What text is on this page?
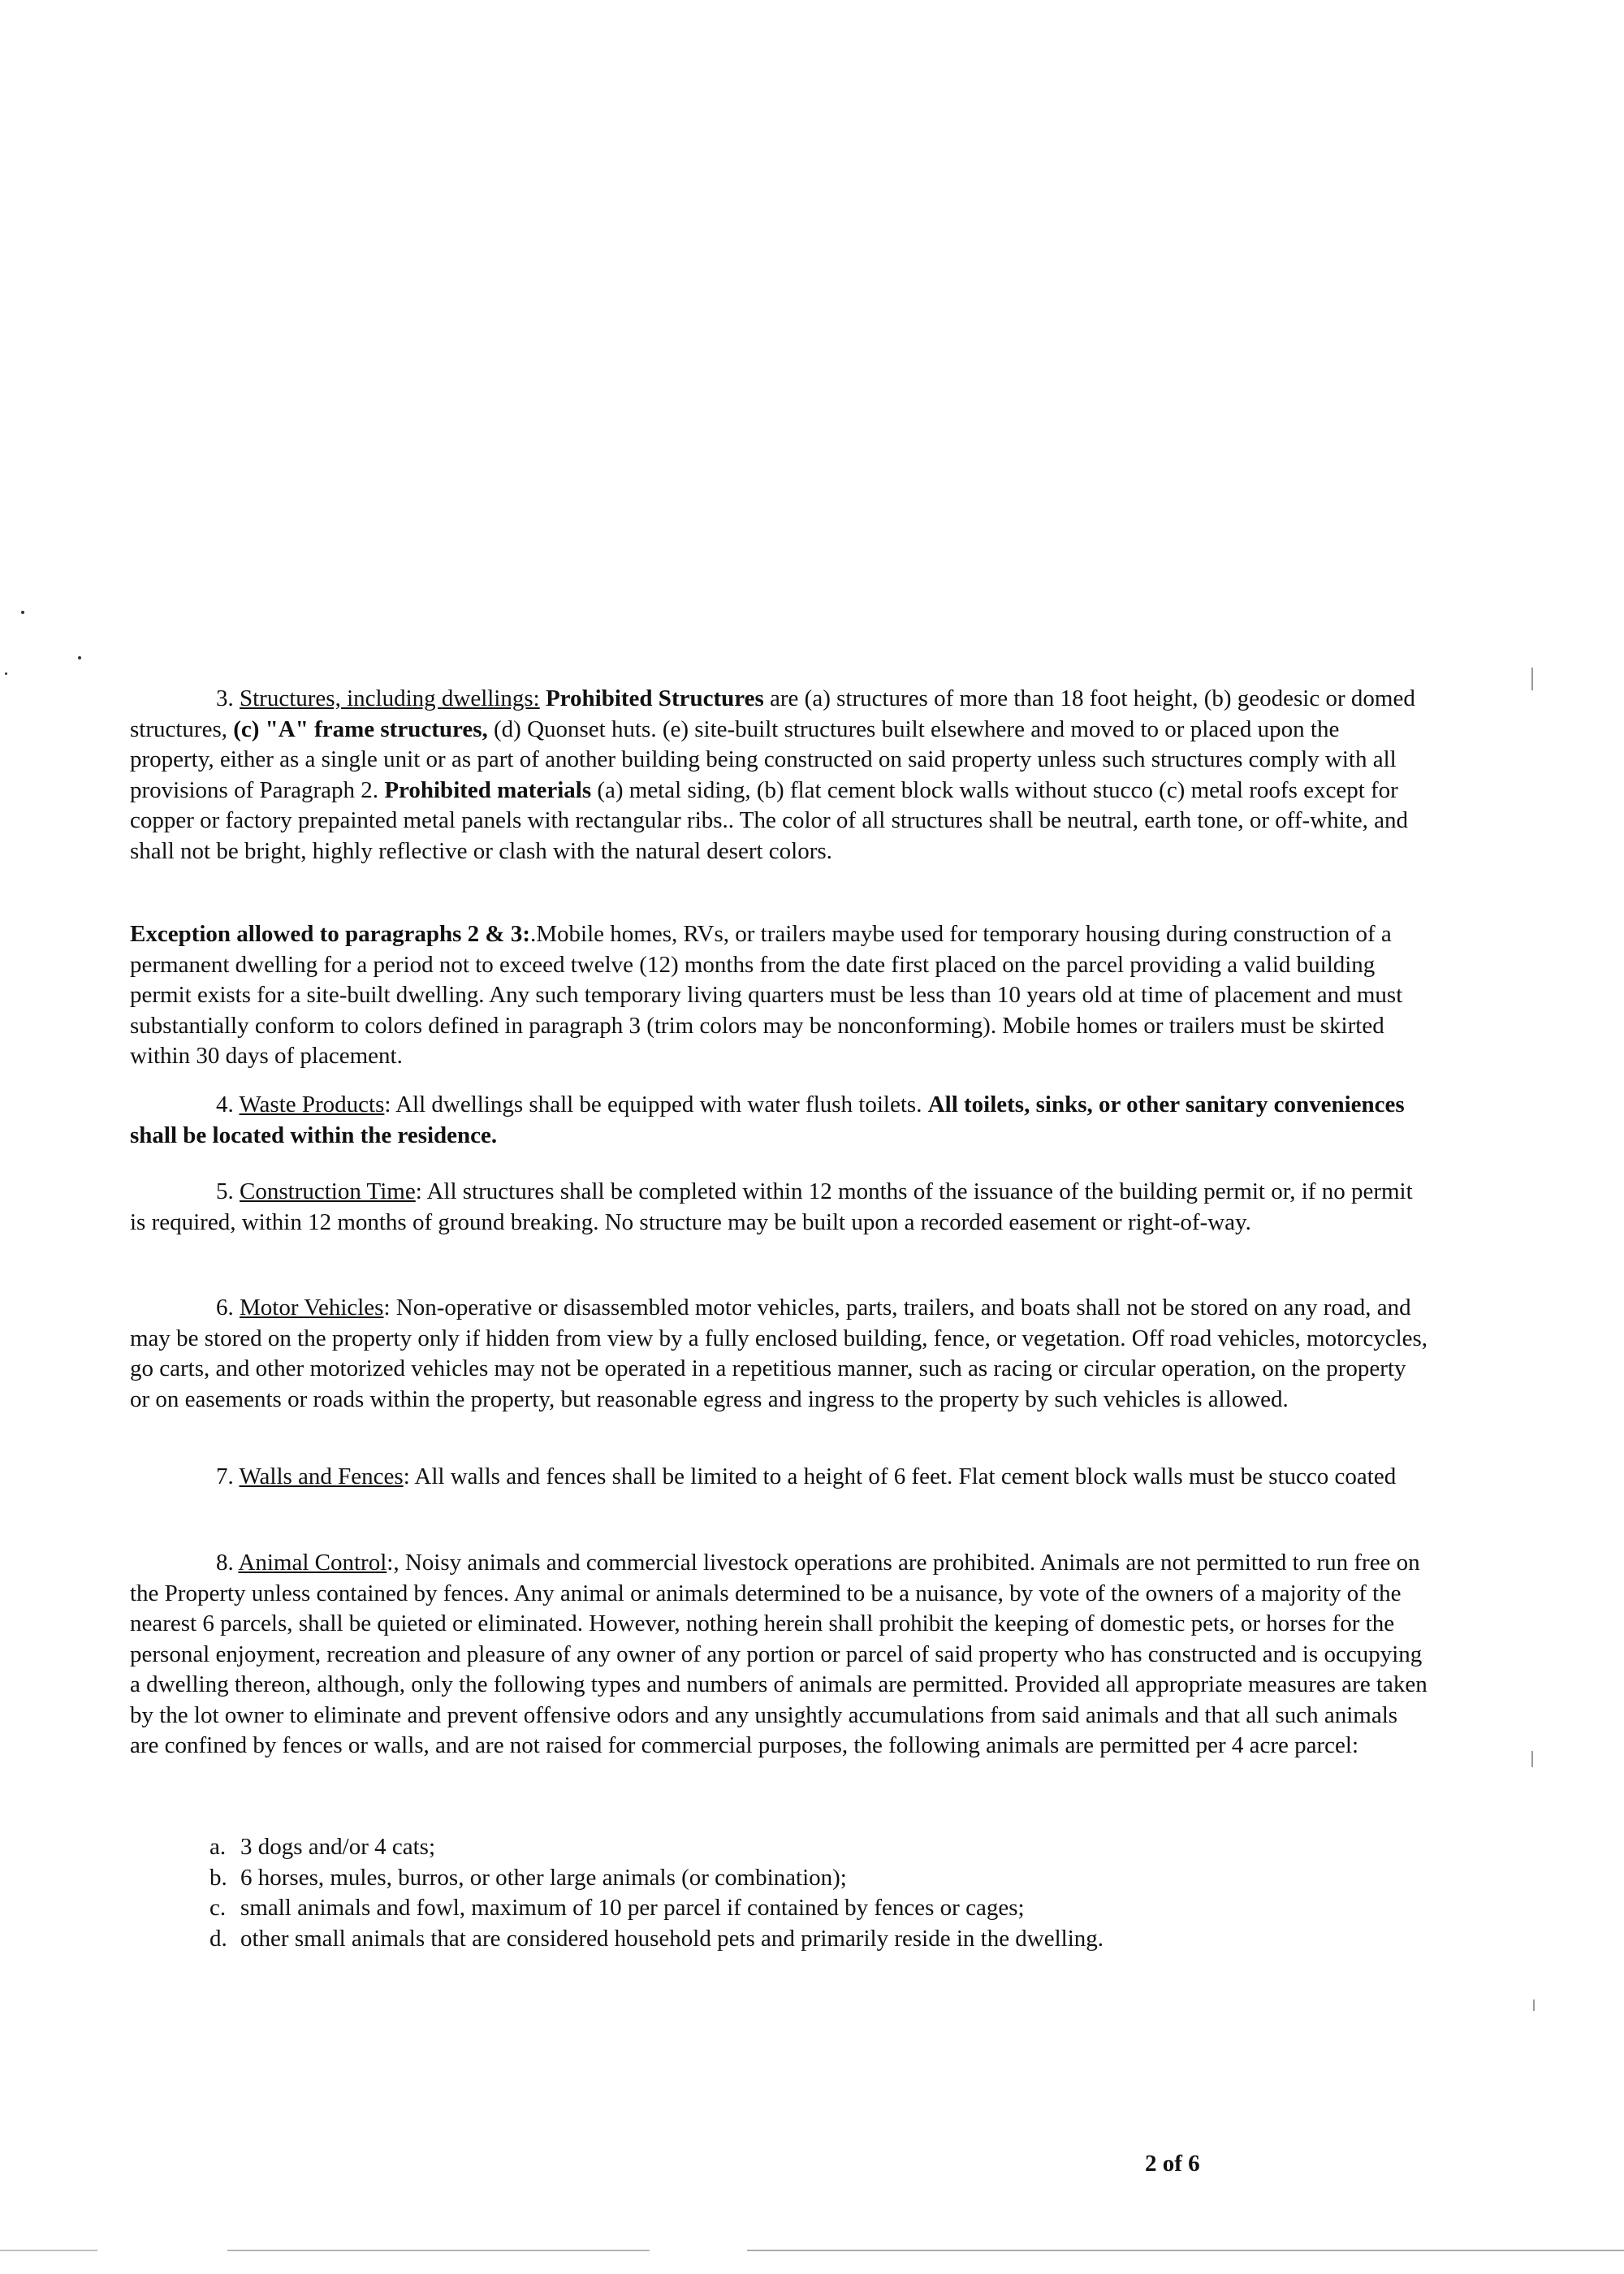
3. Structures, including dwellings: Prohibited Structures are (a) structures of more than 18 foot height, (b) geodesic or domed structures, (c) "A" frame structures, (d) Quonset huts. (e) site-built structures built elsewhere and moved to or placed upon the property, either as a single unit or as part of another building being constructed on said property unless such structures comply with all provisions of Paragraph 2. Prohibited materials (a) metal siding, (b) flat cement block walls without stucco (c) metal roofs except for copper or factory prepainted metal panels with rectangular ribs.. The color of all structures shall be neutral, earth tone, or off-white, and shall not be bright, highly reflective or clash with the natural desert colors.

Exception allowed to paragraphs 2 & 3:.Mobile homes, RVs, or trailers maybe used for temporary housing during construction of a permanent dwelling for a period not to exceed twelve (12) months from the date first placed on the parcel providing a valid building permit exists for a site-built dwelling. Any such temporary living quarters must be less than 10 years old at time of placement and must substantially conform to colors defined in paragraph 3 (trim colors may be nonconforming). Mobile homes or trailers must be skirted within 30 days of placement.

4. Waste Products: All dwellings shall be equipped with water flush toilets. All toilets, sinks, or other sanitary conveniences shall be located within the residence.

5. Construction Time: All structures shall be completed within 12 months of the issuance of the building permit or, if no permit is required, within 12 months of ground breaking. No structure may be built upon a recorded easement or right-of-way.

6. Motor Vehicles: Non-operative or disassembled motor vehicles, parts, trailers, and boats shall not be stored on any road, and may be stored on the property only if hidden from view by a fully enclosed building, fence, or vegetation. Off road vehicles, motorcycles, go carts, and other motorized vehicles may not be operated in a repetitious manner, such as racing or circular operation, on the property or on easements or roads within the property, but reasonable egress and ingress to the property by such vehicles is allowed.

7. Walls and Fences: All walls and fences shall be limited to a height of 6 feet. Flat cement block walls must be stucco coated

8. Animal Control:, Noisy animals and commercial livestock operations are prohibited. Animals are not permitted to run free on the Property unless contained by fences. Any animal or animals determined to be a nuisance, by vote of the owners of a majority of the nearest 6 parcels, shall be quieted or eliminated. However, nothing herein shall prohibit the keeping of domestic pets, or horses for the personal enjoyment, recreation and pleasure of any owner of any portion or parcel of said property who has constructed and is occupying a dwelling thereon, although, only the following types and numbers of animals are permitted. Provided all appropriate measures are taken by the lot owner to eliminate and prevent offensive odors and any unsightly accumulations from said animals and that all such animals are confined by fences or walls, and are not raised for commercial purposes, the following animals are permitted per 4 acre parcel:

a. 3 dogs and/or 4 cats;
b. 6 horses, mules, burros, or other large animals (or combination);
c. small animals and fowl, maximum of 10 per parcel if contained by fences or cages;
d. other small animals that are considered household pets and primarily reside in the dwelling.
2 of 6
